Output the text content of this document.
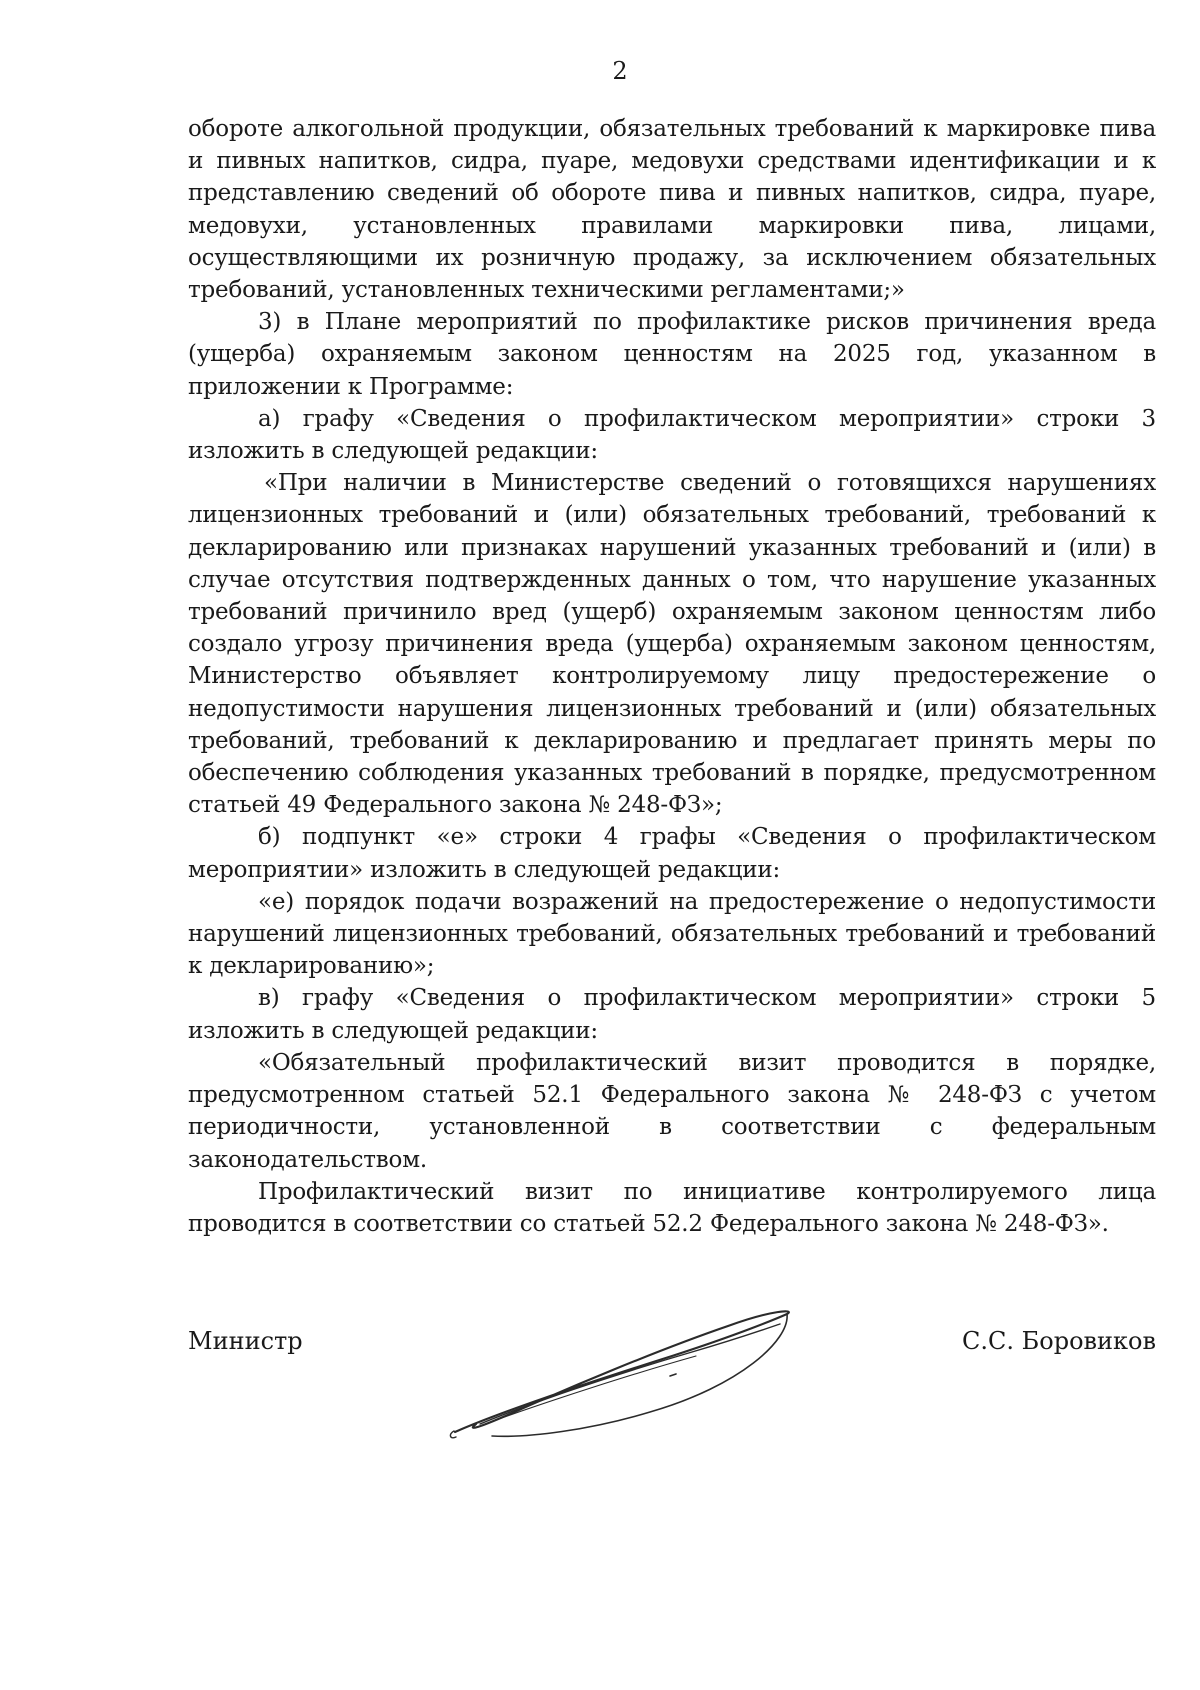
2

обороте алкогольной продукции, обязательных требований к маркировке пива и пивных напитков, сидра, пуаре, медовухи средствами идентификации и к представлению сведений об обороте пива и пивных напитков, сидра, пуаре, медовухи, установленных правилами маркировки пива, лицами, осуществляющими их розничную продажу, за исключением обязательных требований, установленных техническими регламентами;»

3) в Плане мероприятий по профилактике рисков причинения вреда (ущерба) охраняемым законом ценностям на 2025 год, указанном в приложении к Программе:

а) графу «Сведения о профилактическом мероприятии» строки 3 изложить в следующей редакции:

«При наличии в Министерстве сведений о готовящихся нарушениях лицензионных требований и (или) обязательных требований, требований к декларированию или признаках нарушений указанных требований и (или) в случае отсутствия подтвержденных данных о том, что нарушение указанных требований причинило вред (ущерб) охраняемым законом ценностям либо создало угрозу причинения вреда (ущерба) охраняемым законом ценностям, Министерство объявляет контролируемому лицу предостережение о недопустимости нарушения лицензионных требований и (или) обязательных требований, требований к декларированию и предлагает принять меры по обеспечению соблюдения указанных требований в порядке, предусмотренном статьей 49 Федерального закона № 248-ФЗ»;

б) подпункт «е» строки 4 графы «Сведения о профилактическом мероприятии» изложить в следующей редакции:

«е) порядок подачи возражений на предостережение о недопустимости нарушений лицензионных требований, обязательных требований и требований к декларированию»;

в) графу «Сведения о профилактическом мероприятии» строки 5 изложить в следующей редакции:

«Обязательный профилактический визит проводится в порядке, предусмотренном статьей 52.1 Федерального закона № 248-ФЗ с учетом периодичности, установленной в соответствии с федеральным законодательством.

Профилактический визит по инициативе контролируемого лица проводится в соответствии со статьей 52.2 Федерального закона № 248-ФЗ».

Министр	С.С. Боровиков
